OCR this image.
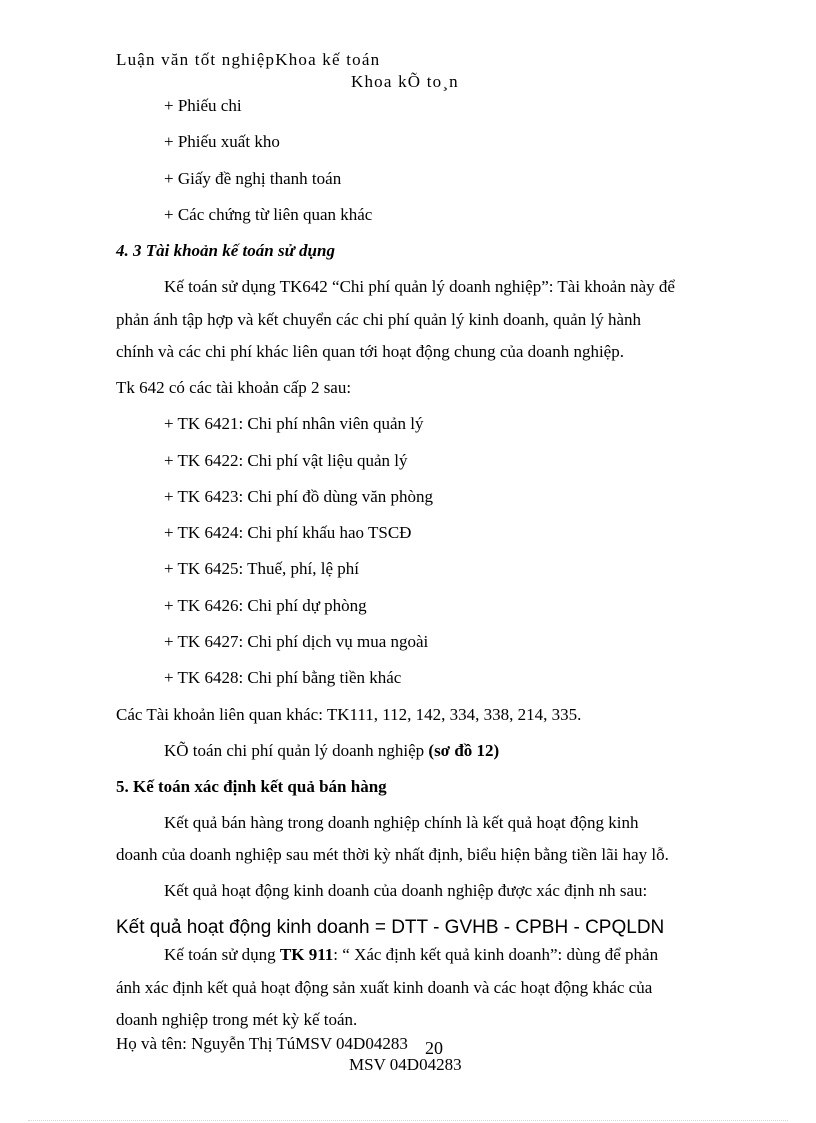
Luận văn tốt nghiệpKhoa kế toán
Khoa kÕ to¸n
+ Phiếu chi
+ Phiếu xuất kho
+ Giấy đề nghị thanh toán
+ Các chứng từ liên quan khác
4. 3 Tài khoản kế toán sử dụng
Kế toán sử dụng TK642 “Chi phí quản lý doanh nghiệp”: Tài khoản này để
phản ánh tập hợp và kết chuyển các chi phí quản lý kinh doanh, quản lý hành
chính và các chi phí khác liên quan tới hoạt động chung của doanh nghiệp.
Tk 642 có các tài khoản cấp 2 sau:
+ TK 6421: Chi phí nhân viên quản lý
+ TK 6422: Chi phí vật liệu quản lý
+ TK 6423: Chi phí đồ dùng văn phòng
+ TK 6424: Chi phí khấu hao TSCĐ
+ TK 6425: Thuế, phí, lệ phí
+ TK 6426: Chi phí dự phòng
+ TK 6427: Chi phí dịch vụ mua ngoài
+ TK 6428: Chi phí bằng tiền khác
Các Tài khoản liên quan khác: TK111, 112, 142, 334, 338, 214, 335.
KÕ toán chi phí quản lý doanh nghiệp (sơ đồ 12)
5. Kế toán xác định kết quả bán hàng
Kết quả bán hàng trong doanh nghiệp chính là kết quả hoạt động kinh
doanh của doanh nghiệp sau mét thời kỳ nhất định, biểu hiện bằng tiền lãi hay lỗ.
Kết quả hoạt động kinh doanh của doanh nghiệp được xác định nh sau:
Kết quả hoạt động kinh doanh = DTT - GVHB - CPBH - CPQLDN
Kế toán sử dụng TK 911: “ Xác định kết quả kinh doanh”: dùng để phản
ánh xác định kết quả hoạt động sản xuất kinh doanh và các hoạt động khác của
doanh nghiệp trong mét kỳ kế toán.
Họ và tên: Nguyễn Thị TúMSV 04D04283 20
MSV 04D04283
